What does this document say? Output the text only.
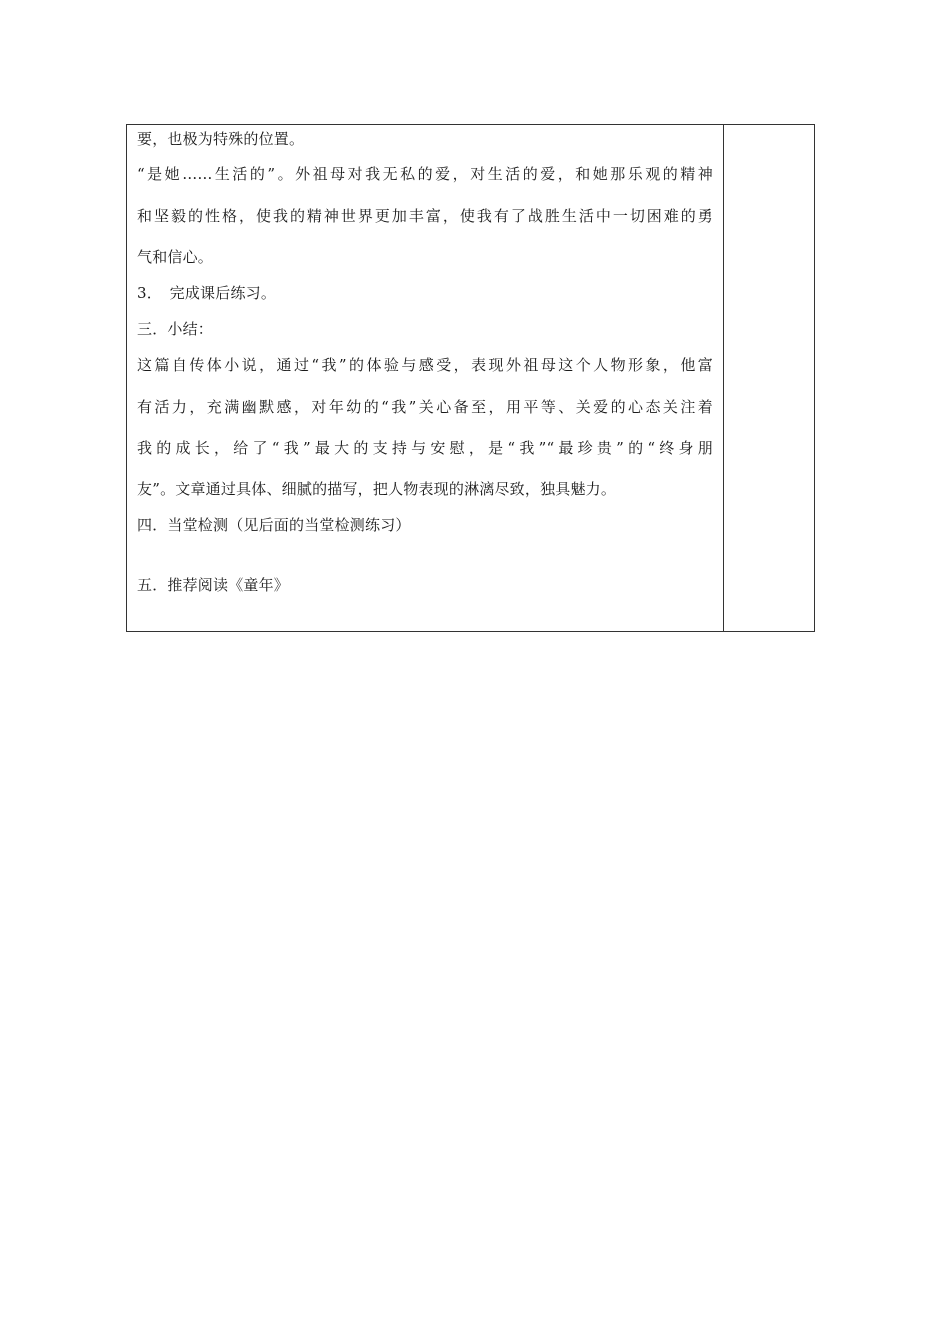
要，也极为特殊的位置。
“是她……生活的”。外祖母对我无私的爱，对生活的爱，和她那乐观的精神
和坚毅的性格，使我的精神世界更加丰富，使我有了战胜生活中一切困难的勇
气和信心。
3．　完成课后练习。
三．小结：
这篇自传体小说，通过“我”的体验与感受，表现外祖母这个人物形象，他富
有活力，充满幽默感，对年幼的“我”关心备至，用平等、关爱的心态关注着
我的成长，给了“我”最大的支持与安慰，是“我”“最珍贵”的“终身朋
友”。文章通过具体、细腻的描写，把人物表现的淋漓尽致，独具魅力。
四．当堂检测（见后面的当堂检测练习）
五．推荐阅读《童年》
